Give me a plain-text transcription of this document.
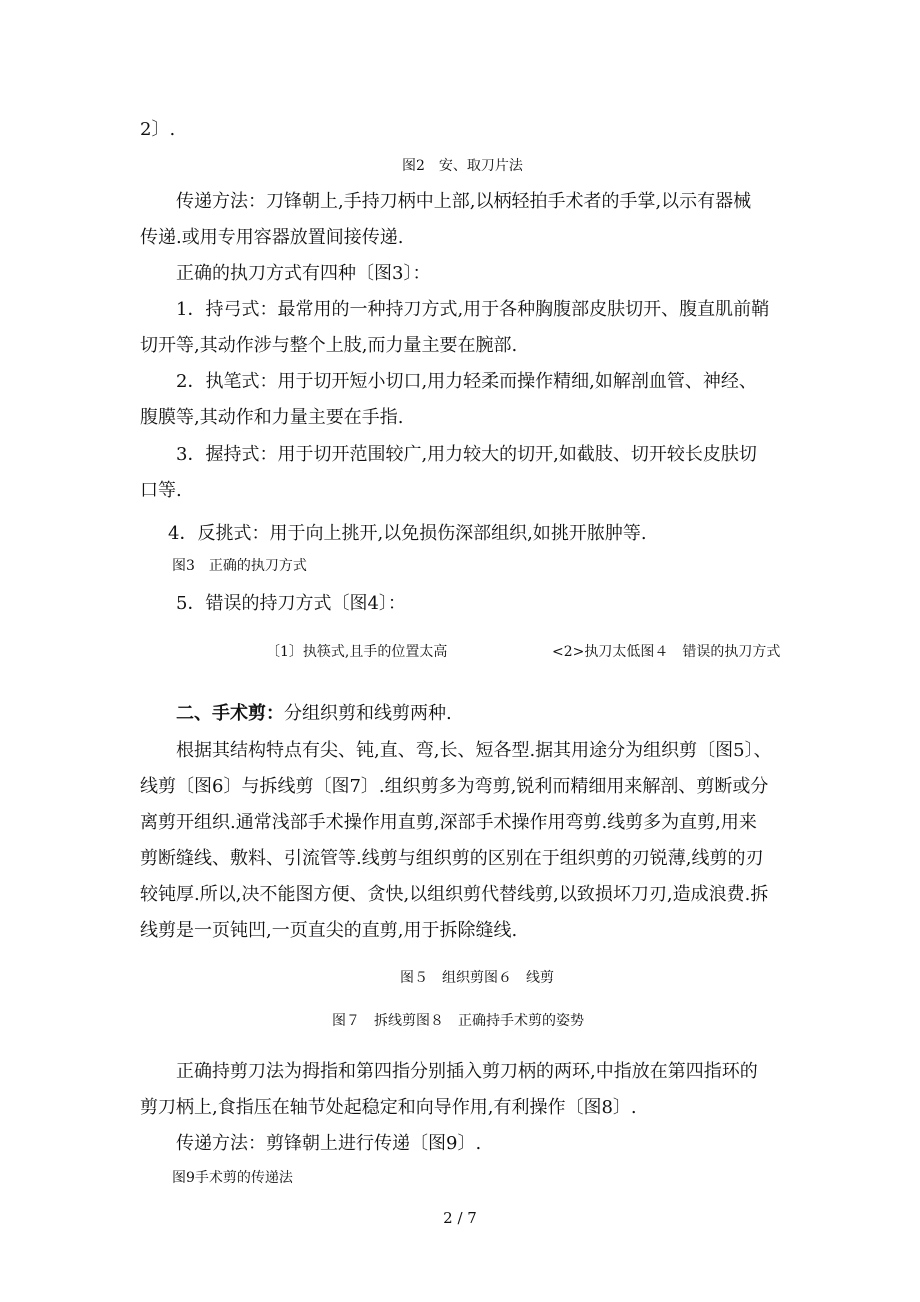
2〕.
图2　安、取刀片法
传递方法：刀锋朝上,手持刀柄中上部,以柄轻拍手术者的手掌,以示有器械
传递.或用专用容器放置间接传递.
正确的执刀方式有四种〔图3〕：
1．持弓式：最常用的一种持刀方式,用于各种胸腹部皮肤切开、腹直肌前鞘
切开等,其动作涉与整个上肢,而力量主要在腕部.
2．执笔式：用于切开短小切口,用力轻柔而操作精细,如解剖血管、神经、
腹膜等,其动作和力量主要在手指.
3．握持式：用于切开范围较广,用力较大的切开,如截肢、切开较长皮肤切
口等.
4．反挑式：用于向上挑开,以免损伤深部组织,如挑开脓肿等.
图3　正确的执刀方式
5．错误的持刀方式〔图4〕：
〔1〕执筷式,且手的位置太高	<2>执刀太低图４　错误的执刀方式
二、手术剪：分组织剪和线剪两种.
根据其结构特点有尖、钝,直、弯,长、短各型.据其用途分为组织剪〔图5〕、
线剪〔图6〕与拆线剪〔图7〕.组织剪多为弯剪,锐利而精细用来解剖、剪断或分
离剪开组织.通常浅部手术操作用直剪,深部手术操作用弯剪.线剪多为直剪,用来
剪断缝线、敷料、引流管等.线剪与组织剪的区别在于组织剪的刃锐薄,线剪的刃
较钝厚.所以,决不能图方便、贪快,以组织剪代替线剪,以致损坏刀刃,造成浪费.拆
线剪是一页钝凹,一页直尖的直剪,用于拆除缝线.
图５　组织剪图６　线剪
图７　拆线剪图８　正确持手术剪的姿势
正确持剪刀法为拇指和第四指分别插入剪刀柄的两环,中指放在第四指环的
剪刀柄上,食指压在轴节处起稳定和向导作用,有利操作〔图8〕.
传递方法：剪锋朝上进行传递〔图9〕.
图9手术剪的传递法
2 / 7
